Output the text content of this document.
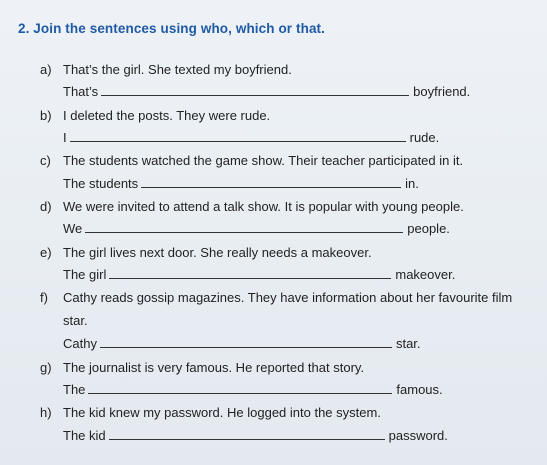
2. Join the sentences using who, which or that.
a) That’s the girl. She texted my boyfriend.
That’s	boyfriend.
b) I deleted the posts. They were rude.
I	rude.
c) The students watched the game show. Their teacher participated in it.
The students	in.
d) We were invited to attend a talk show. It is popular with young people.
We	people.
e) The girl lives next door. She really needs a makeover.
The girl	makeover.
f) Cathy reads gossip magazines. They have information about her favourite film
star.
Cathy	star.
g) The journalist is very famous. He reported that story.
The	famous.
h) The kid knew my password. He logged into the system.
The kid	password.
